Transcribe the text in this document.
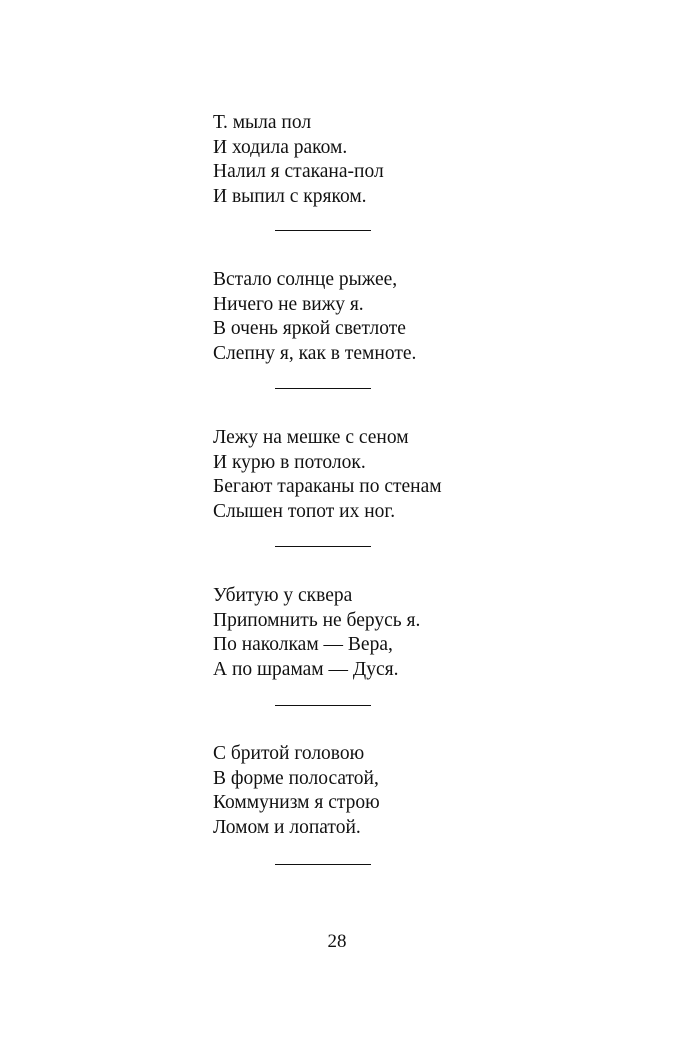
Т. мыла пол
И ходила раком.
Налил я стакана-пол
И выпил с кряком.
Встало солнце рыжее,
Ничего не вижу я.
В очень яркой светлоте
Слепну я, как в темноте.
Лежу на мешке с сеном
И курю в потолок.
Бегают тараканы по стенам
Слышен топот их ног.
Убитую у сквера
Припомнить не берусь я.
По наколкам — Вера,
А по шрамам — Дуся.
С бритой головою
В форме полосатой,
Коммунизм я строю
Ломом и лопатой.
28
